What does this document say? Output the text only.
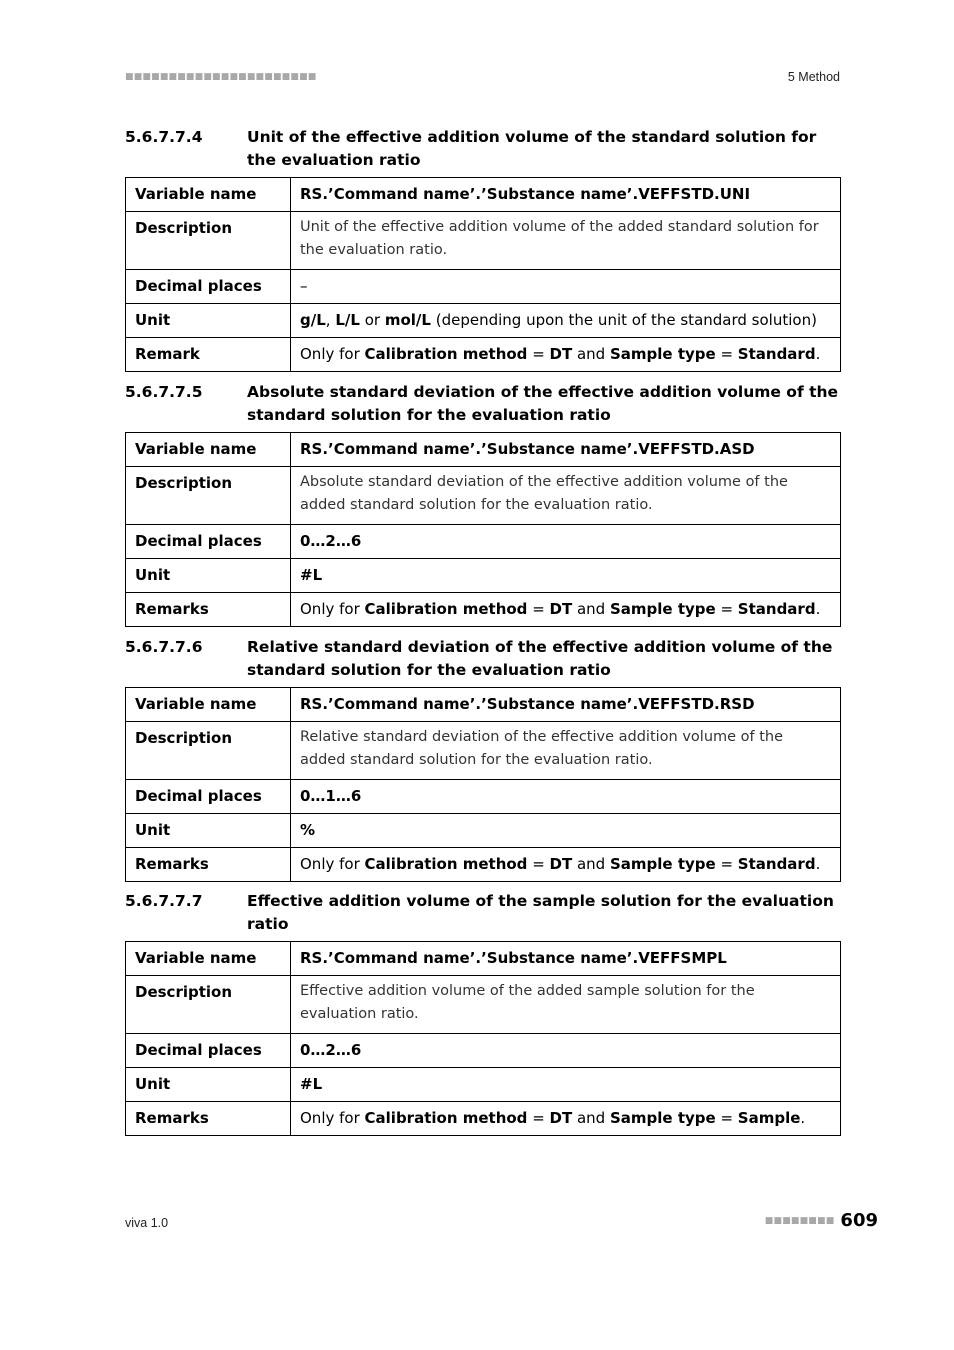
■■■■■■■■■■■■■■■■■■■■■■	5 Method
5.6.7.7.4	Unit of the effective addition volume of the standard solution for the evaluation ratio
Variable name	RS.’Command name’.’Substance name’.VEFFSTD.UNI
Description	Unit of the effective addition volume of the added standard solution for the evaluation ratio.
Decimal places	–
Unit	g/L, L/L or mol/L (depending upon the unit of the standard solution)
Remark	Only for Calibration method = DT and Sample type = Standard.
5.6.7.7.5	Absolute standard deviation of the effective addition volume of the standard solution for the evaluation ratio
Variable name	RS.’Command name’.’Substance name’.VEFFSTD.ASD
Description	Absolute standard deviation of the effective addition volume of the added standard solution for the evaluation ratio.
Decimal places	0…2…6
Unit	#L
Remarks	Only for Calibration method = DT and Sample type = Standard.
5.6.7.7.6	Relative standard deviation of the effective addition volume of the standard solution for the evaluation ratio
Variable name	RS.’Command name’.’Substance name’.VEFFSTD.RSD
Description	Relative standard deviation of the effective addition volume of the added standard solution for the evaluation ratio.
Decimal places	0…1…6
Unit	%
Remarks	Only for Calibration method = DT and Sample type = Standard.
5.6.7.7.7	Effective addition volume of the sample solution for the evaluation ratio
Variable name	RS.’Command name’.’Substance name’.VEFFSMPL
Description	Effective addition volume of the added sample solution for the evaluation ratio.
Decimal places	0…2…6
Unit	#L
Remarks	Only for Calibration method = DT and Sample type = Sample.
viva 1.0	■■■■■■■■ 609
